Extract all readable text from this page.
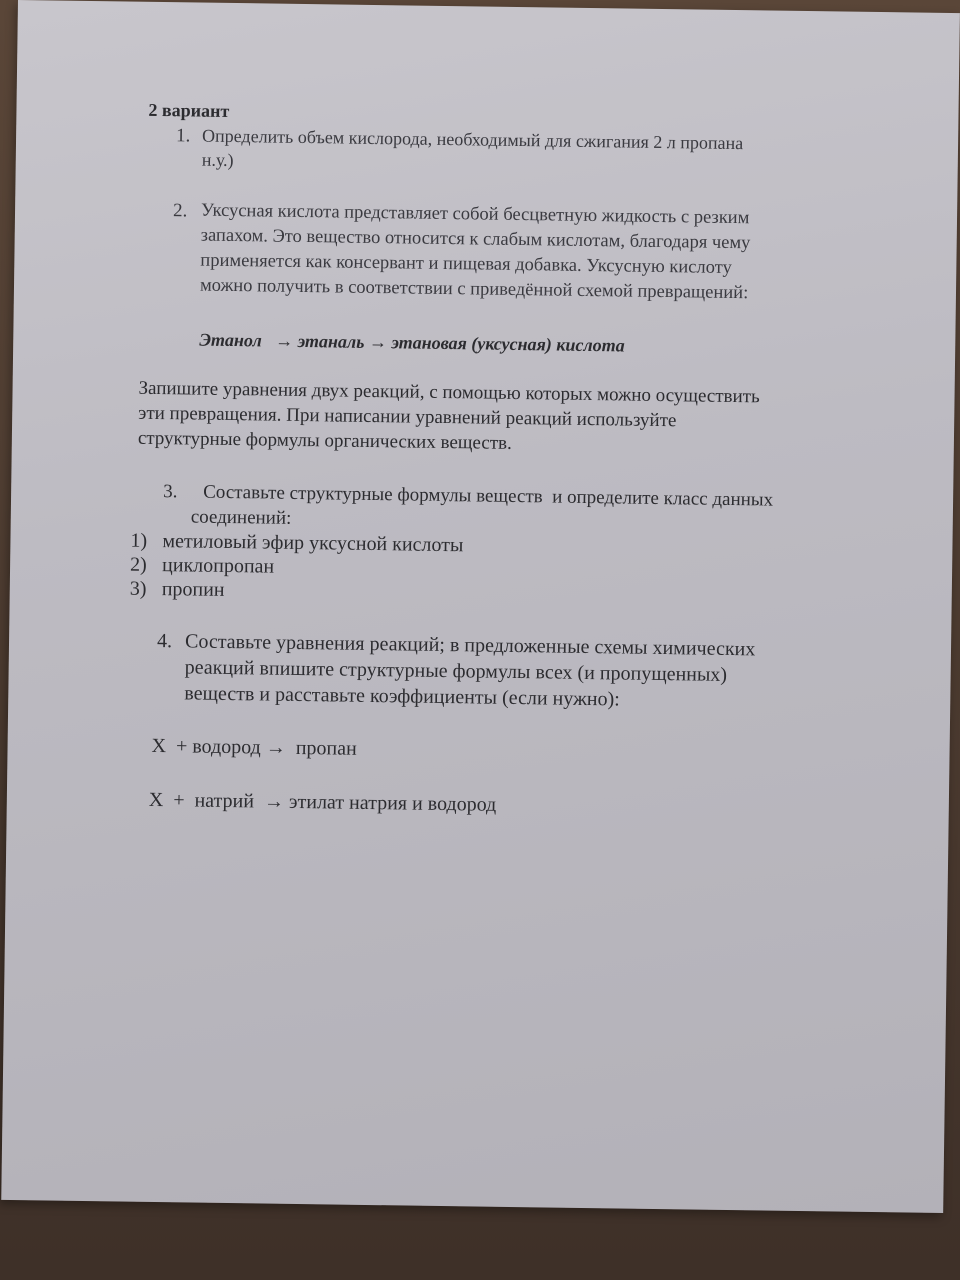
2 вариант
1. Определить объем кислорода, необходимый для сжигания 2 л пропана
н.у.)
2. Уксусная кислота представляет собой бесцветную жидкость с резким
запахом. Это вещество относится к слабым кислотам, благодаря чему
применяется как консервант и пищевая добавка. Уксусную кислоту
можно получить в соответствии с приведённой схемой превращений:
Этанол   → этаналь → этановая (уксусная) кислота
Запишите уравнения двух реакций, с помощью которых можно осуществить
эти превращения. При написании уравнений реакций используйте
структурные формулы органических веществ.
3. Составьте структурные формулы веществ  и определите класс данных
соединений:
1) метиловый эфир уксусной кислоты
2) циклопропан
3) пропин
4. Составьте уравнения реакций; в предложенные схемы химических
реакций впишите структурные формулы всех (и пропущенных)
веществ и расставьте коэффициенты (если нужно):
X  + водород →  пропан
X  +  натрий  → этилат натрия и водород
